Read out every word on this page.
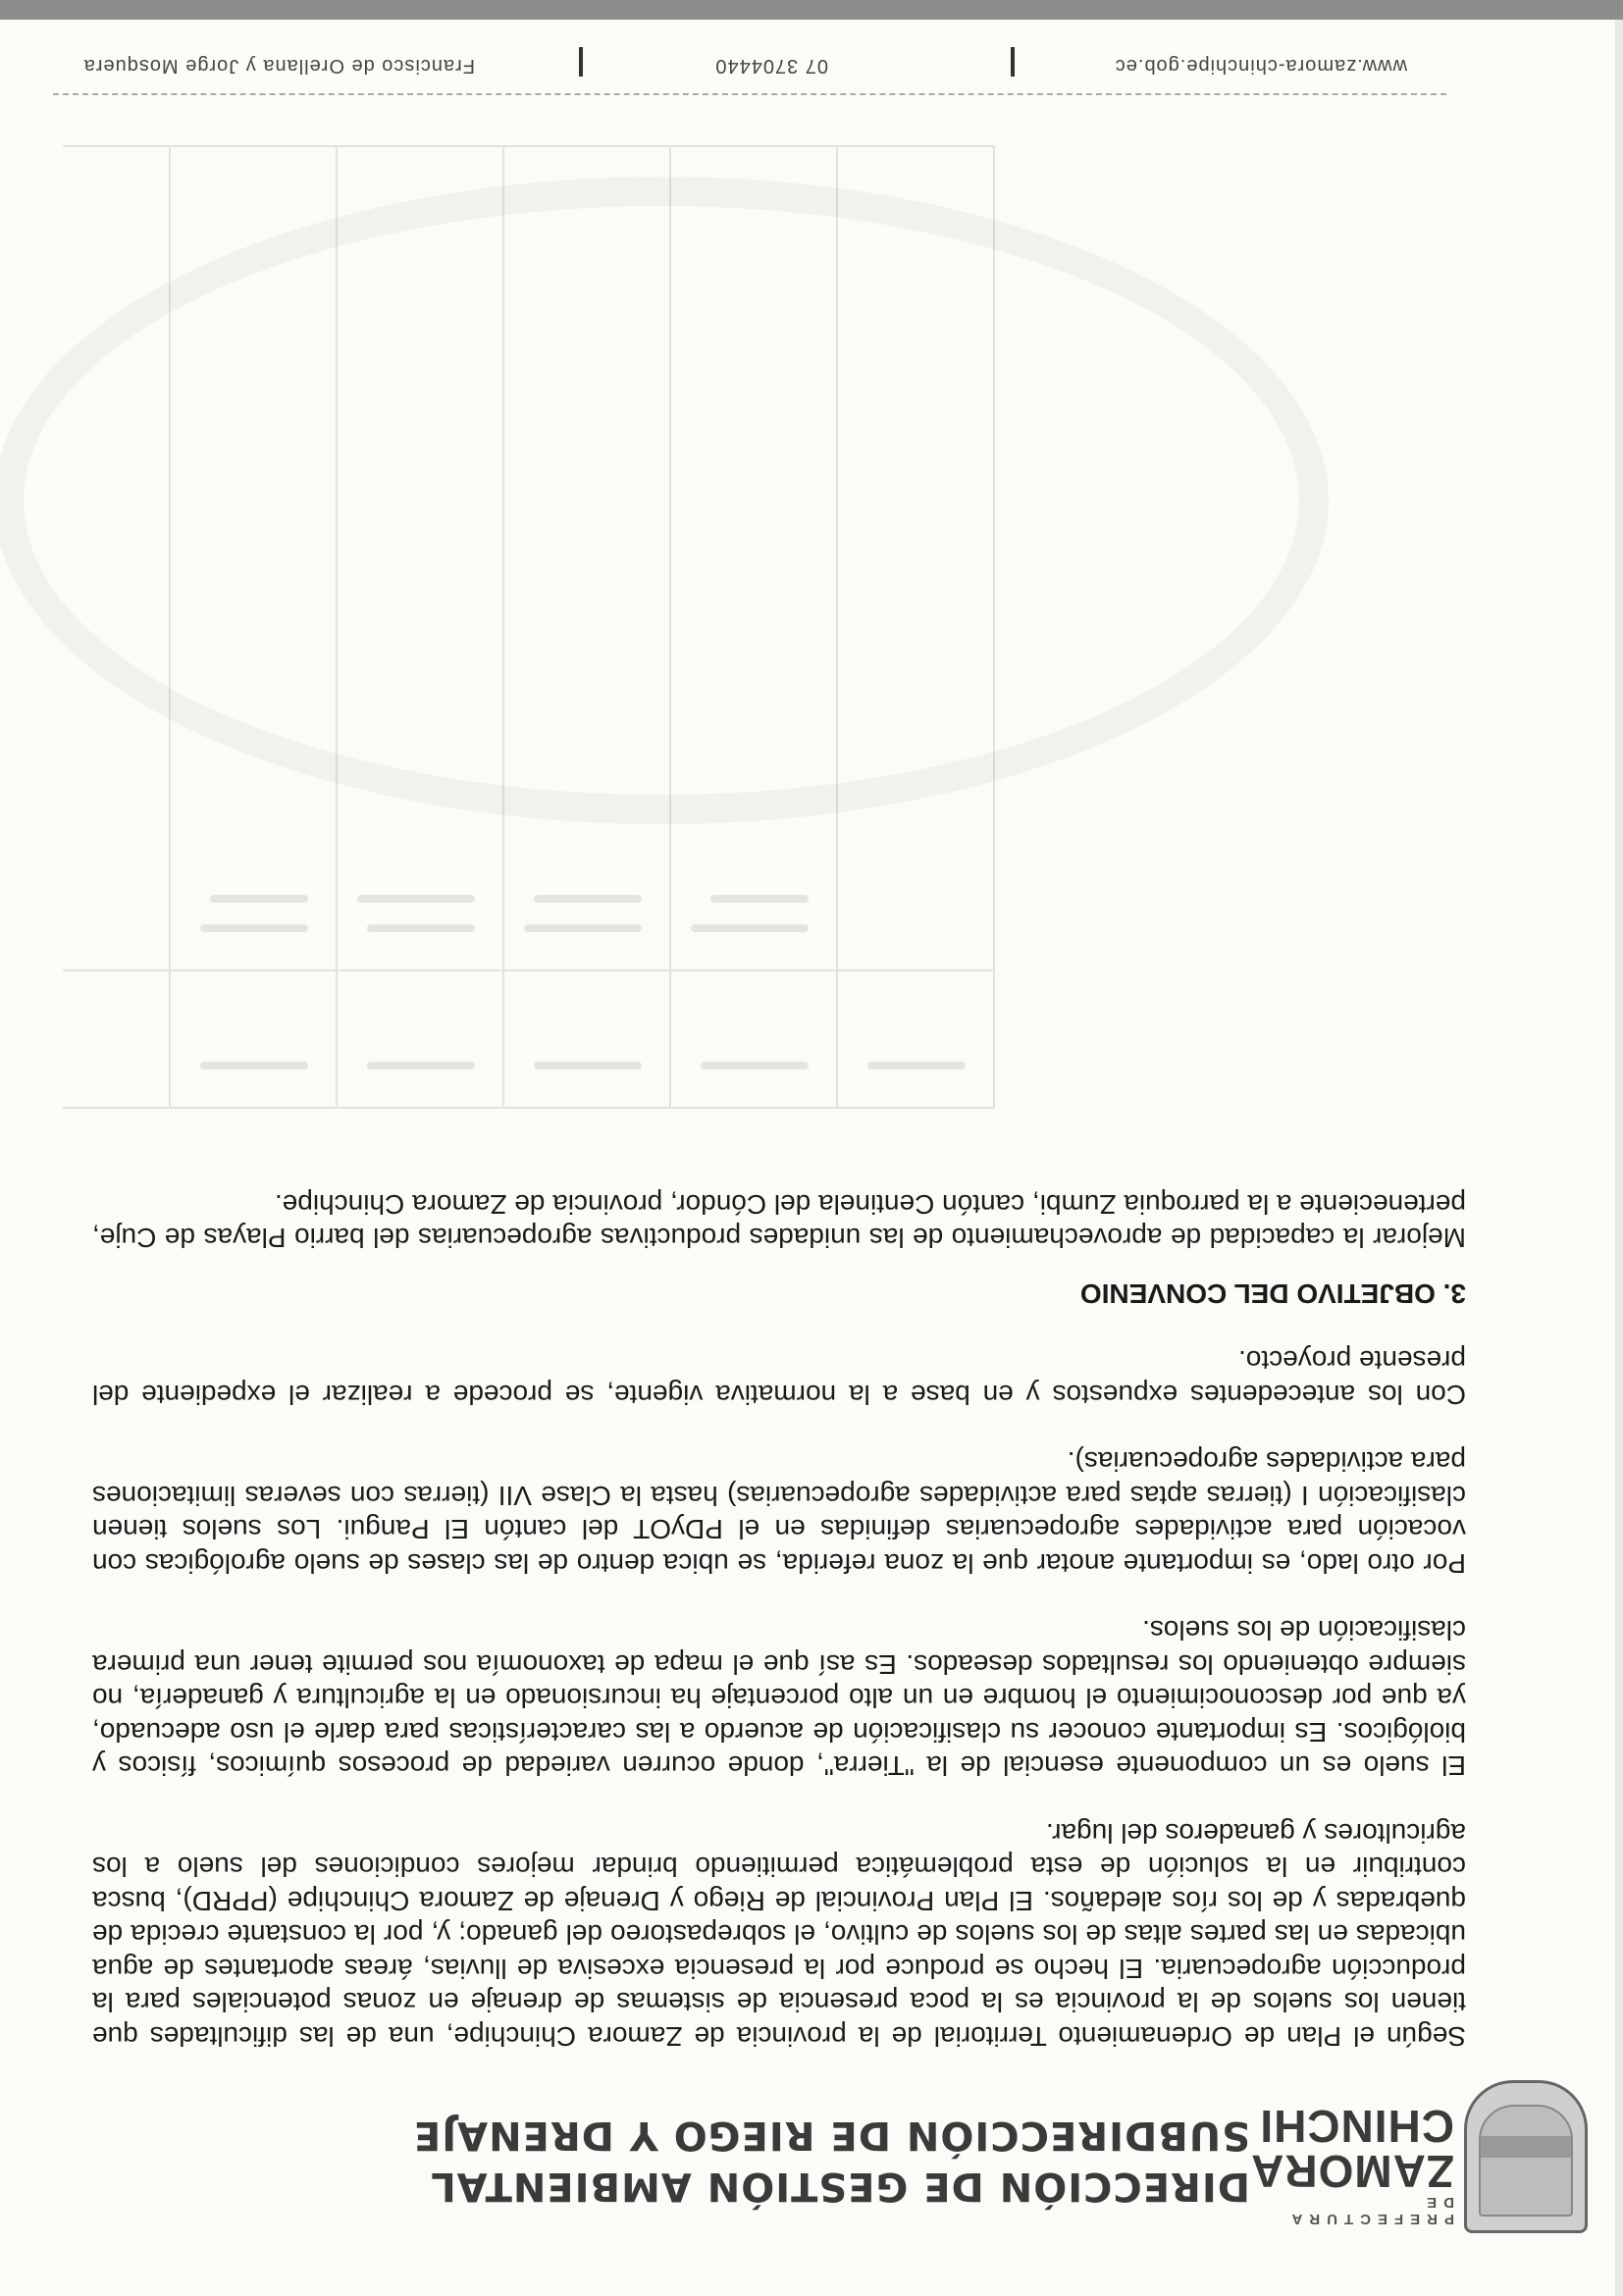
PREFECTURA DE
ZAMORA
CHINCHI
DIRECCIÓN DE GESTIÓN AMBIENTAL
SUBDIRECCIÓN DE RIEGO Y DRENAJE

Según el Plan de Ordenamiento Territorial de la provincia de Zamora Chinchipe, una de las dificultades que tienen los suelos de la provincia es la poca presencia de sistemas de drenaje en zonas potenciales para la producción agropecuaria. El hecho se produce por la presencia excesiva de lluvias, áreas aportantes de agua ubicadas en las partes altas de los suelos de cultivo, el sobrepastoreo del ganado; y, por la constante crecida de quebradas y de los ríos aledaños. El Plan Provincial de Riego y Drenaje de Zamora Chinchipe (PPRD), busca contribuir en la solución de esta problemática permitiendo brindar mejores condiciones del suelo a los agricultores y ganaderos del lugar.

El suelo es un componente esencial de la "Tierra", donde ocurren variedad de procesos químicos, físicos y biológicos. Es importante conocer su clasificación de acuerdo a las características para darle el uso adecuado, ya que por desconocimiento el hombre en un alto porcentaje ha incursionado en la agricultura y ganadería, no siempre obteniendo los resultados deseados. Es así que el mapa de taxonomía nos permite tener una primera clasificación de los suelos.

Por otro lado, es importante anotar que la zona referida, se ubica dentro de las clases de suelo agrológicas con vocación para actividades agropecuarias definidas en el PDyOT del cantón El Pangui. Los suelos tienen clasificación I (tierras aptas para actividades agropecuarias) hasta la Clase VII (tierras con severas limitaciones para actividades agropecuarias).

Con los antecedentes expuestos y en base a la normativa vigente, se procede a realizar el expediente del presente proyecto.

3. OBJETIVO DEL CONVENIO

Mejorar la capacidad de aprovechamiento de las unidades productivas agropecuarias del barrio Playas de Cuje, perteneciente a la parroquia Zumbi, cantón Centinela del Cóndor, provincia de Zamora Chinchipe.

www.zamora-chinchipe.gob.ec
07 3704440
Francisco de Orellana y Jorge Mosquera
